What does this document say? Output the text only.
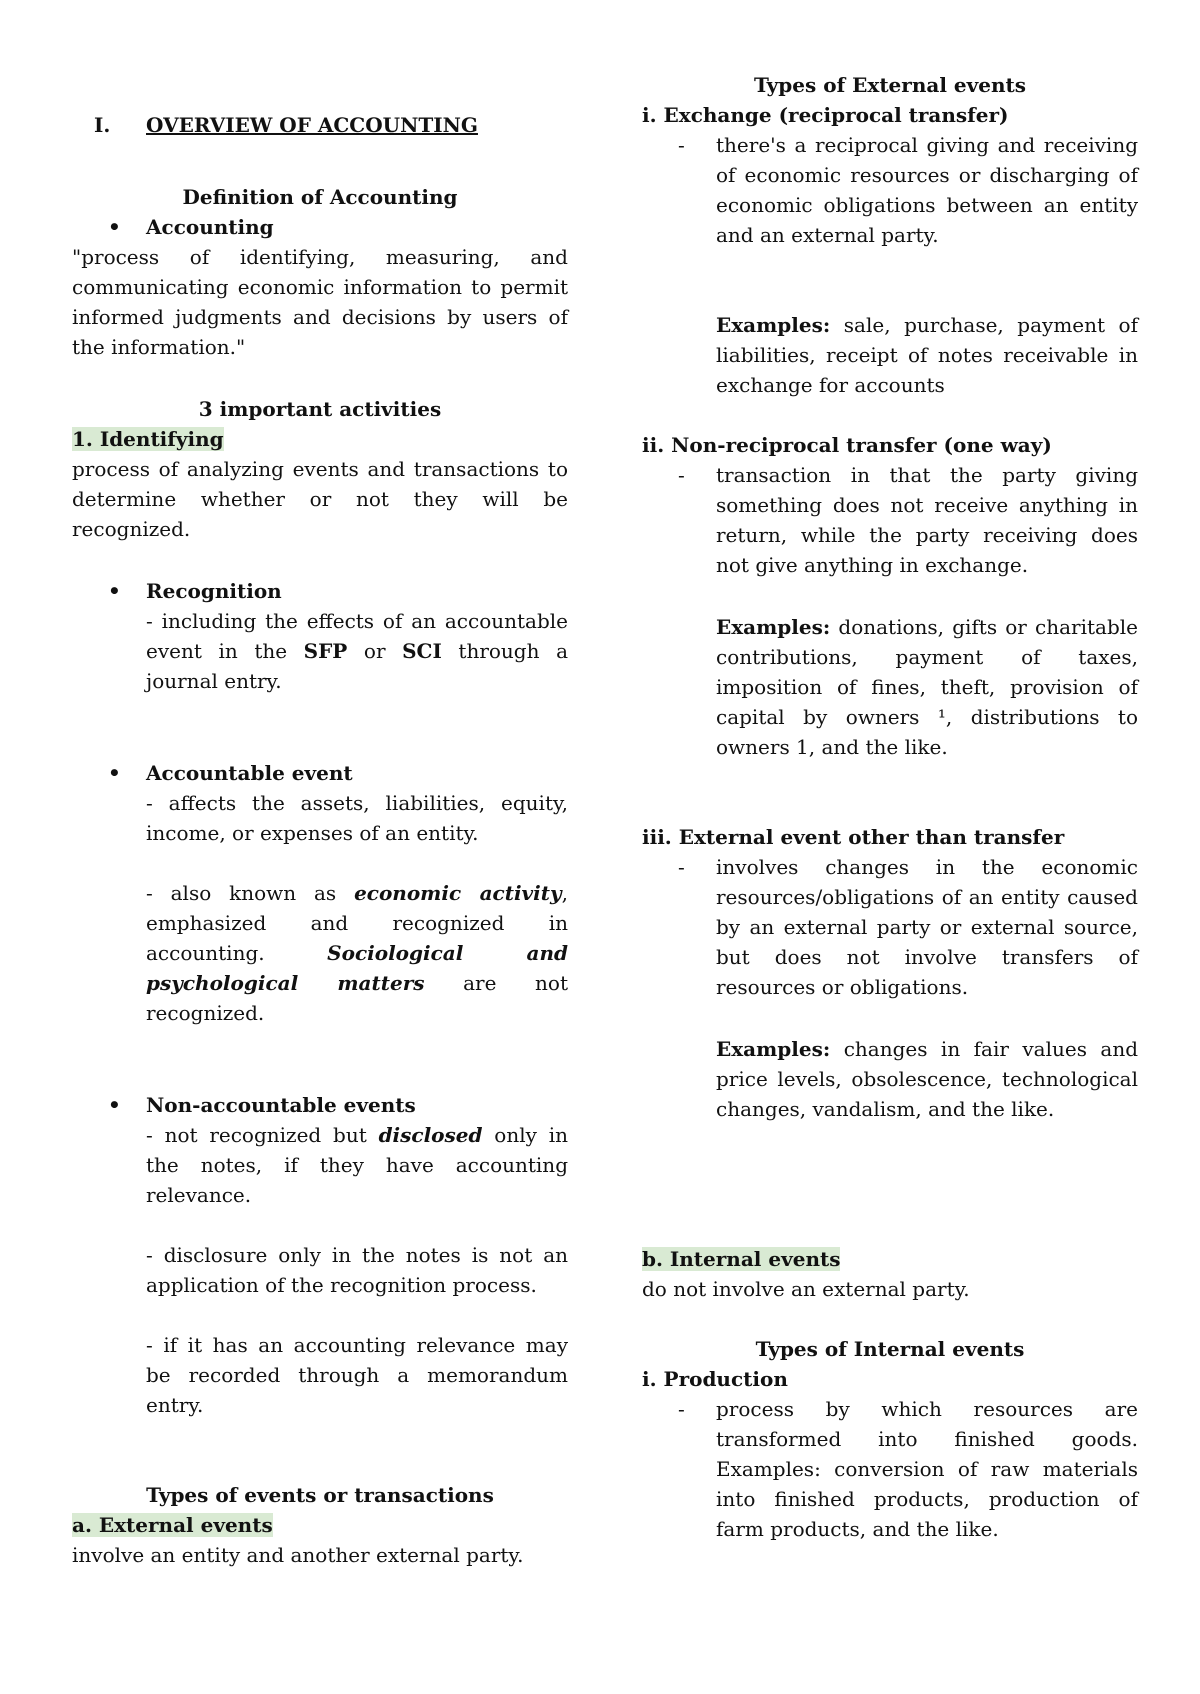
I. OVERVIEW OF ACCOUNTING

Definition of Accounting

• Accounting

"process of identifying, measuring, and communicating economic information to permit informed judgments and decisions by users of the information."

3 important activities

1. Identifying

process of analyzing events and transactions to determine whether or not they will be recognized.

• Recognition

- including the effects of an accountable event in the SFP or SCI through a journal entry.

• Accountable event

- affects the assets, liabilities, equity, income, or expenses of an entity.

- also known as economic activity, emphasized and recognized in accounting. Sociological and psychological matters are not recognized.

• Non-accountable events

- not recognized but disclosed only in the notes, if they have accounting relevance.

- disclosure only in the notes is not an application of the recognition process.

- if it has an accounting relevance may be recorded through a memorandum entry.

Types of events or transactions

a. External events

involve an entity and another external party.

Types of External events

i. Exchange (reciprocal transfer)

- there's a reciprocal giving and receiving of economic resources or discharging of economic obligations between an entity and an external party.

Examples: sale, purchase, payment of liabilities, receipt of notes receivable in exchange for accounts

ii. Non-reciprocal transfer (one way)

- transaction in that the party giving something does not receive anything in return, while the party receiving does not give anything in exchange.

Examples: donations, gifts or charitable contributions, payment of taxes, imposition of fines, theft, provision of capital by owners ¹, distributions to owners 1, and the like.

iii. External event other than transfer

- involves changes in the economic resources/obligations of an entity caused by an external party or external source, but does not involve transfers of resources or obligations.

Examples: changes in fair values and price levels, obsolescence, technological changes, vandalism, and the like.

b. Internal events

do not involve an external party.

Types of Internal events

i. Production

- process by which resources are transformed into finished goods. Examples: conversion of raw materials into finished products, production of farm products, and the like.
